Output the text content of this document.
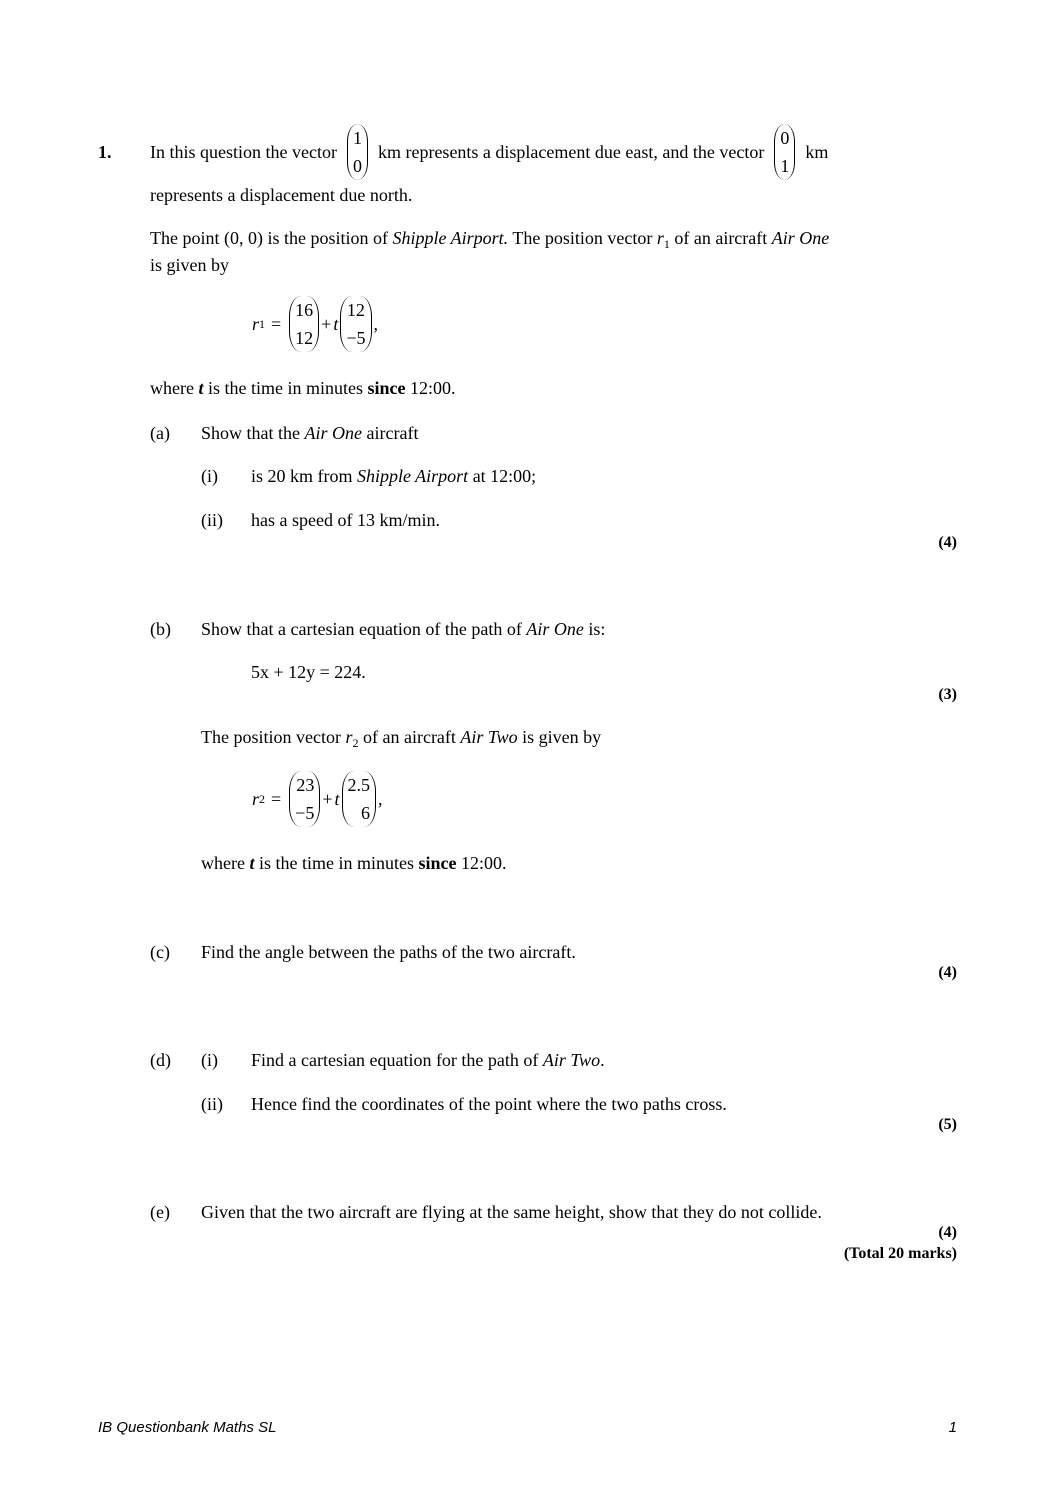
1. In this question the vector
1
0
km represents a displacement due east, and the vector
0
1
km
represents a displacement due north.
The point (0, 0) is the position of Shipple Airport. The position vector $r_1$ of an aircraft Air One
is given by
r 1 =
16
12
+ t
12
−5
,
where t is the time in minutes since 12:00.
(a) Show that the Air One aircraft
(i) is 20 km from Shipple Airport at 12:00;
(ii) has a speed of 13 km/min.
(4)
(b) Show that a cartesian equation of the path of Air One is:
5x + 12y = 224.
(3)
The position vector $r_2$ of an aircraft Air Two is given by
r 2 =
23
−5
+ t
2.5
6
,
where t is the time in minutes since 12:00.
(c) Find the angle between the paths of the two aircraft.
(4)
(d) (i) Find a cartesian equation for the path of Air Two.
(ii) Hence find the coordinates of the point where the two paths cross.
(5)
(e) Given that the two aircraft are flying at the same height, show that they do not collide.
(4)
(Total 20 marks)
IB Questionbank Maths SL	1
